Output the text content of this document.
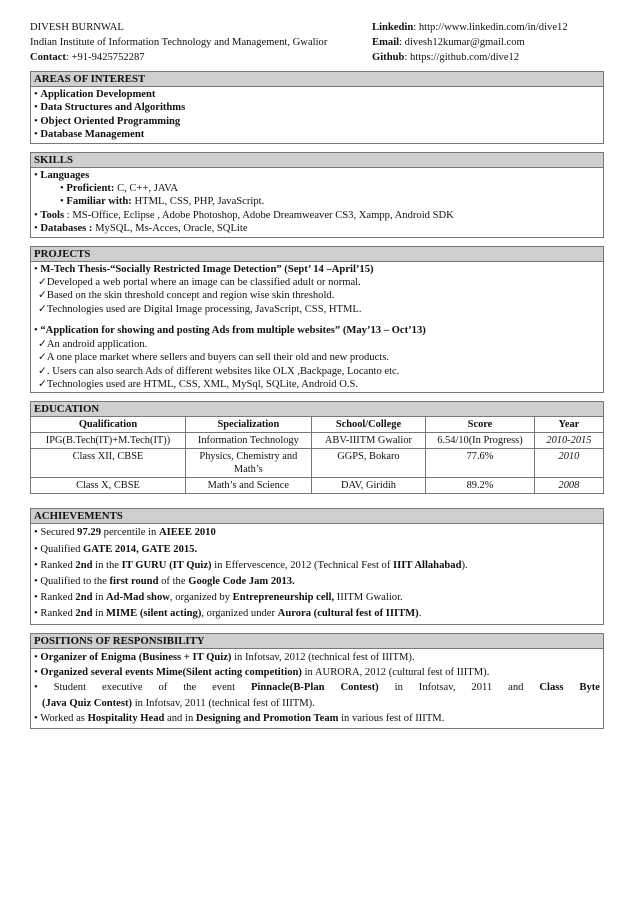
DIVESH BURNWAL
Indian Institute of Information Technology and Management, Gwalior
Contact: +91-9425752287
Linkedin: http://www.linkedin.com/in/dive12
Email: divesh12kumar@gmail.com
Github: https://github.com/dive12
AREAS OF INTEREST
• Application Development
• Data Structures and Algorithms
• Object Oriented Programming
• Database Management
SKILLS
• Languages
• Proficient: C, C++, JAVA
• Familiar with: HTML, CSS, PHP, JavaScript.
• Tools : MS-Office, Eclipse , Adobe Photoshop, Adobe Dreamweaver CS3, Xampp, Android SDK
• Databases : MySQL, Ms-Acces, Oracle, SQLite
PROJECTS
• M-Tech Thesis-“Socially Restricted Image Detection” (Sept’ 14 –April’15)
✓Developed a web portal where an image can be classified adult or normal.
✓Based on the skin threshold concept and region wise skin threshold.
✓Technologies used are Digital Image processing, JavaScript, CSS, HTML.
• “Application for showing and posting Ads from multiple websites” (May’13 – Oct’13)
✓An android application.
✓A one place market where sellers and buyers can sell their old and new products.
✓. Users can also search Ads of different websites like OLX ,Backpage, Locanto etc.
✓Technologies used are HTML, CSS, XML, MySql, SQLite, Android O.S.
EDUCATION
Qualification	Specialization	School/College	Score	Year
IPG(B.Tech(IT)+M.Tech(IT))	Information Technology	ABV-IIITM Gwalior	6.54/10(In Progress)	2010-2015
Class XII, CBSE	Physics, Chemistry and Math’s	GGPS, Bokaro	77.6%	2010
Class X, CBSE	Math’s and Science	DAV, Giridih	89.2%	2008
ACHIEVEMENTS
• Secured 97.29 percentile in AIEEE 2010
• Qualified GATE 2014, GATE 2015.
• Ranked 2nd in the IT GURU (IT Quiz) in Effervescence, 2012 (Technical Fest of IIIT Allahabad).
• Qualified to the first round of the Google Code Jam 2013.
• Ranked 2nd in Ad-Mad show, organized by Entrepreneurship cell, IIITM Gwalior.
• Ranked 2nd in MIME (silent acting), organized under Aurora (cultural fest of IIITM).
POSITIONS OF RESPONSIBILITY
• Organizer of Enigma (Business + IT Quiz) in Infotsav, 2012 (technical fest of IIITM).
• Organized several events Mime(Silent acting competition) in AURORA, 2012 (cultural fest of IIITM).
• Student executive of the event Pinnacle(B-Plan Contest) in Infotsav, 2011 and Class Byte
(Java Quiz Contest) in Infotsav, 2011 (technical fest of IIITM).
• Worked as Hospitality Head and in Designing and Promotion Team in various fest of IIITM.
